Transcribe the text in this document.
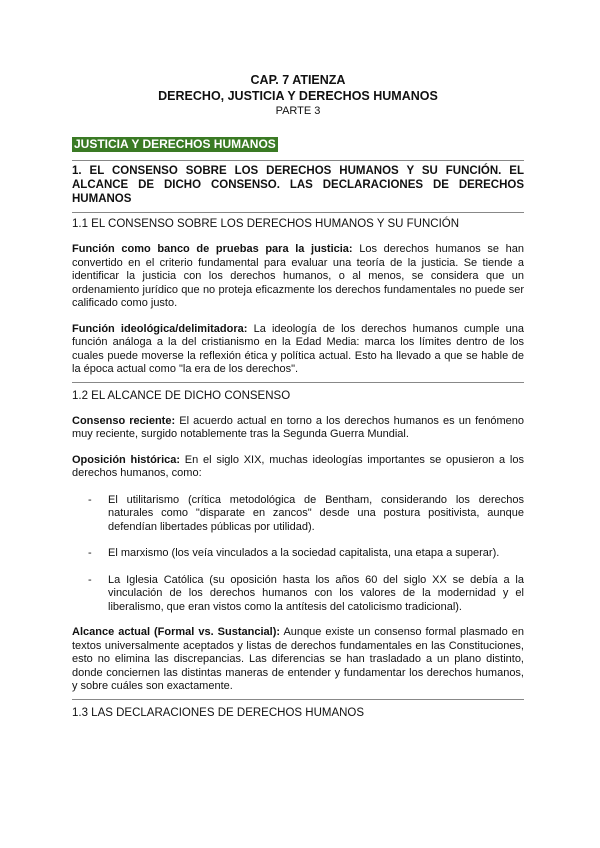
CAP. 7 ATIENZA
DERECHO, JUSTICIA Y DERECHOS HUMANOS
PARTE 3
JUSTICIA Y DERECHOS HUMANOS
1. EL CONSENSO SOBRE LOS DERECHOS HUMANOS Y SU FUNCIÓN. EL ALCANCE DE DICHO CONSENSO. LAS DECLARACIONES DE DERECHOS HUMANOS
1.1 EL CONSENSO SOBRE LOS DERECHOS HUMANOS Y SU FUNCIÓN

Función como banco de pruebas para la justicia: Los derechos humanos se han convertido en el criterio fundamental para evaluar una teoría de la justicia. Se tiende a identificar la justicia con los derechos humanos, o al menos, se considera que un ordenamiento jurídico que no proteja eficazmente los derechos fundamentales no puede ser calificado como justo.

Función ideológica/delimitadora: La ideología de los derechos humanos cumple una función análoga a la del cristianismo en la Edad Media: marca los límites dentro de los cuales puede moverse la reflexión ética y política actual. Esto ha llevado a que se hable de la época actual como "la era de los derechos".

1.2 EL ALCANCE DE DICHO CONSENSO

Consenso reciente: El acuerdo actual en torno a los derechos humanos es un fenómeno muy reciente, surgido notablemente tras la Segunda Guerra Mundial.

Oposición histórica: En el siglo XIX, muchas ideologías importantes se opusieron a los derechos humanos, como:

- El utilitarismo (crítica metodológica de Bentham, considerando los derechos naturales como "disparate en zancos" desde una postura positivista, aunque defendían libertades públicas por utilidad).
- El marxismo (los veía vinculados a la sociedad capitalista, una etapa a superar).
- La Iglesia Católica (su oposición hasta los años 60 del siglo XX se debía a la vinculación de los derechos humanos con los valores de la modernidad y el liberalismo, que eran vistos como la antítesis del catolicismo tradicional).

Alcance actual (Formal vs. Sustancial): Aunque existe un consenso formal plasmado en textos universalmente aceptados y listas de derechos fundamentales en las Constituciones, esto no elimina las discrepancias. Las diferencias se han trasladado a un plano distinto, donde conciernen las distintas maneras de entender y fundamentar los derechos humanos, y sobre cuáles son exactamente.

1.3 LAS DECLARACIONES DE DERECHOS HUMANOS
